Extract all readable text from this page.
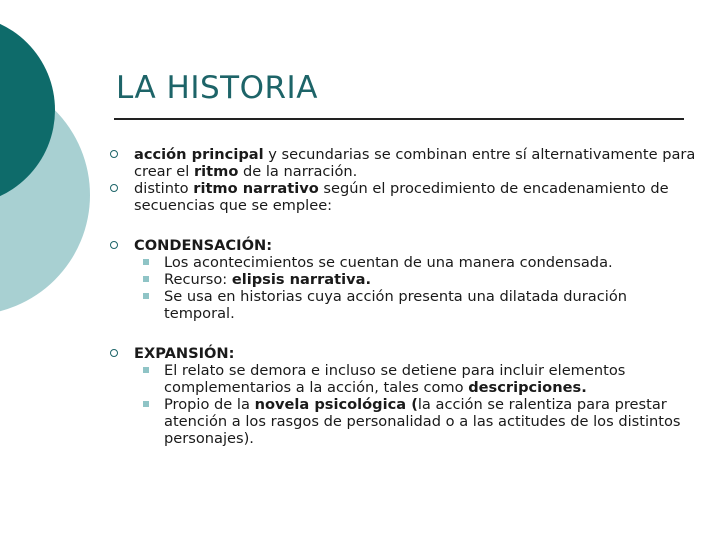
LA HISTORIA
acción principal y secundarias se combinan entre sí alternativamente para crear el ritmo de la narración.
distinto ritmo narrativo según el procedimiento de encadenamiento de secuencias que se emplee:
CONDENSACIÓN:
Los acontecimientos se cuentan de una manera condensada.
Recurso: elipsis narrativa.
Se usa en historias cuya acción presenta una dilatada duración temporal.
EXPANSIÓN:
El relato se demora e incluso se detiene para incluir elementos complementarios a la acción, tales como descripciones.
Propio de la novela psicológica (la acción se ralentiza para prestar atención a los rasgos de personalidad o a las actitudes de los distintos personajes).
